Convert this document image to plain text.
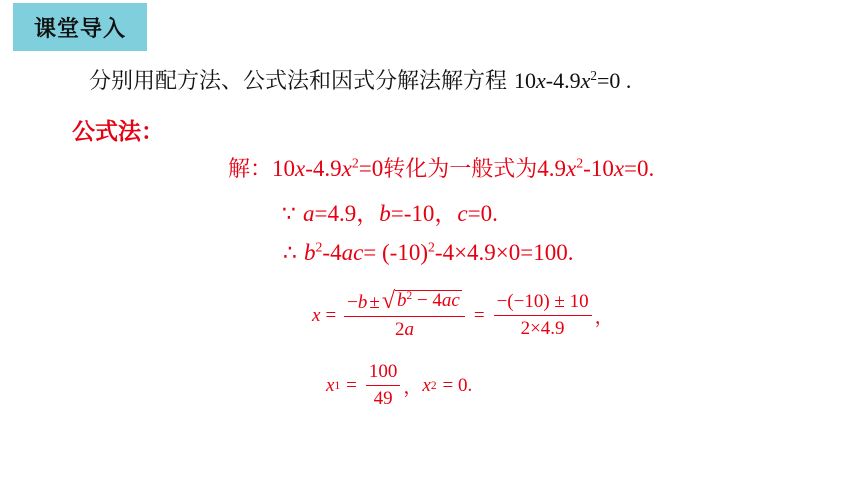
课堂导入
分别用配方法、公式法和因式分解法解方程 $10x-4.9x^2=0$ .
公式法：
解：$10x-4.9x^2=0$转化为一般式为$4.9x^2-10x=0$.
∵ a=4.9，b=-10，c=0.
∴ $b^2-4ac= (-10)^2-4\times 4.9\times 0=100$.
$x = \frac{-b \pm √ b^2 - 4ac}{2a} = \frac{-(-10) \pm 10}{2\times 4.9}$ ，
x $1 = \frac{100}{49}$ ， x 2 = 0.
